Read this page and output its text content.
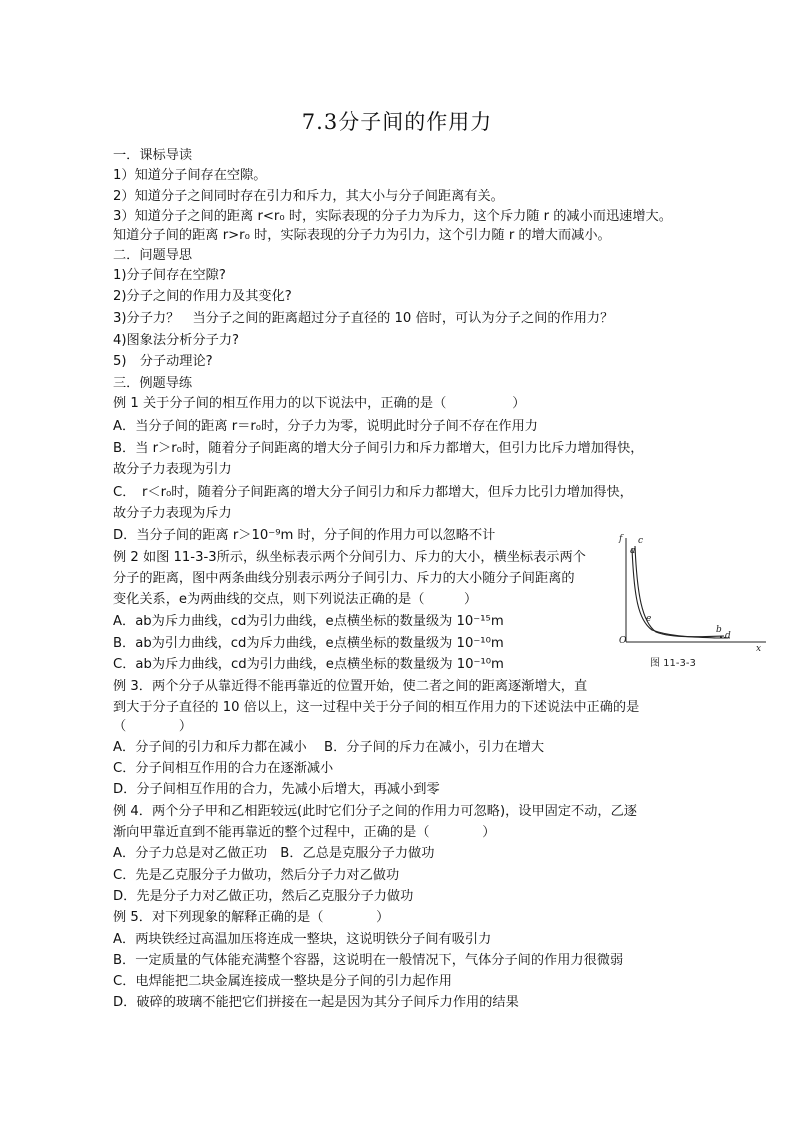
7.3分子间的作用力
一．课标导读
1）知道分子间存在空隙。
2）知道分子之间同时存在引力和斥力，其大小与分子间距离有关。
3）知道分子之间的距离 r<r₀ 时，实际表现的分子力为斥力，这个斥力随 r 的减小而迅速增大。
知道分子间的距离 r>r₀ 时，实际表现的分子力为引力，这个引力随 r 的增大而减小。
二．问题导思
1)分子间存在空隙?
2)分子之间的作用力及其变化?
3)分子力？　当分子之间的距离超过分子直径的 10 倍时，可认为分子之间的作用力？
4)图象法分析分子力?
5)　分子动理论?
三．例题导练
例 1 关于分子间的相互作用力的以下说法中，正确的是（　　　　　）
A．当分子间的距离 r＝r₀时，分子力为零，说明此时分子间不存在作用力
B．当 r＞r₀时，随着分子间距离的增大分子间引力和斥力都增大，但引力比斥力增加得快，
故分子力表现为引力
C．　r＜r₀时，随着分子间距离的增大分子间引力和斥力都增大，但斥力比引力增加得快，
故分子力表现为斥力
D．当分子间的距离 r＞10⁻⁹m 时，分子间的作用力可以忽略不计
例 2 如图 11-3-3所示，纵坐标表示两个分间引力、斥力的大小，横坐标表示两个
分子的距离，图中两条曲线分别表示两分子间引力、斥力的大小随分子间距离的
变化关系，e为两曲线的交点，则下列说法正确的是（　　　）
A．ab为斥力曲线，cd为引力曲线，e点横坐标的数量级为 10⁻¹⁵m
B．ab为引力曲线，cd为斥力曲线，e点横坐标的数量级为 10⁻¹⁰m
C．ab为斥力曲线，cd为引力曲线，e点横坐标的数量级为 10⁻¹⁰m
例 3．两个分子从靠近得不能再靠近的位置开始，使二者之间的距离逐渐增大，直
到大于分子直径的 10 倍以上，这一过程中关于分子间的相互作用力的下述说法中正确的是
（　　　　）
A．分子间的引力和斥力都在减小　 B．分子间的斥力在减小，引力在增大
C．分子间相互作用的合力在逐渐减小
D．分子间相互作用的合力，先减小后增大，再减小到零
例 4．两个分子甲和乙相距较远(此时它们分子之间的作用力可忽略)，设甲固定不动，乙逐
渐向甲靠近直到不能再靠近的整个过程中，正确的是（　　　　）
A．分子力总是对乙做正功　B．乙总是克服分子力做功
C．先是乙克服分子力做功，然后分子力对乙做功
D．先是分子力对乙做正功，然后乙克服分子力做功
例 5．对下列现象的解释正确的是（　　　　）
A．两块铁经过高温加压将连成一整块，这说明铁分子间有吸引力
B．一定质量的气体能充满整个容器，这说明在一般情况下，气体分子间的作用力很微弱
C．电焊能把二块金属连接成一整块是分子间的引力起作用
D．破碎的玻璃不能把它们拼接在一起是因为其分子间斥力作用的结果
f
x
O
a
c
e
b
d
图 11-3-3
